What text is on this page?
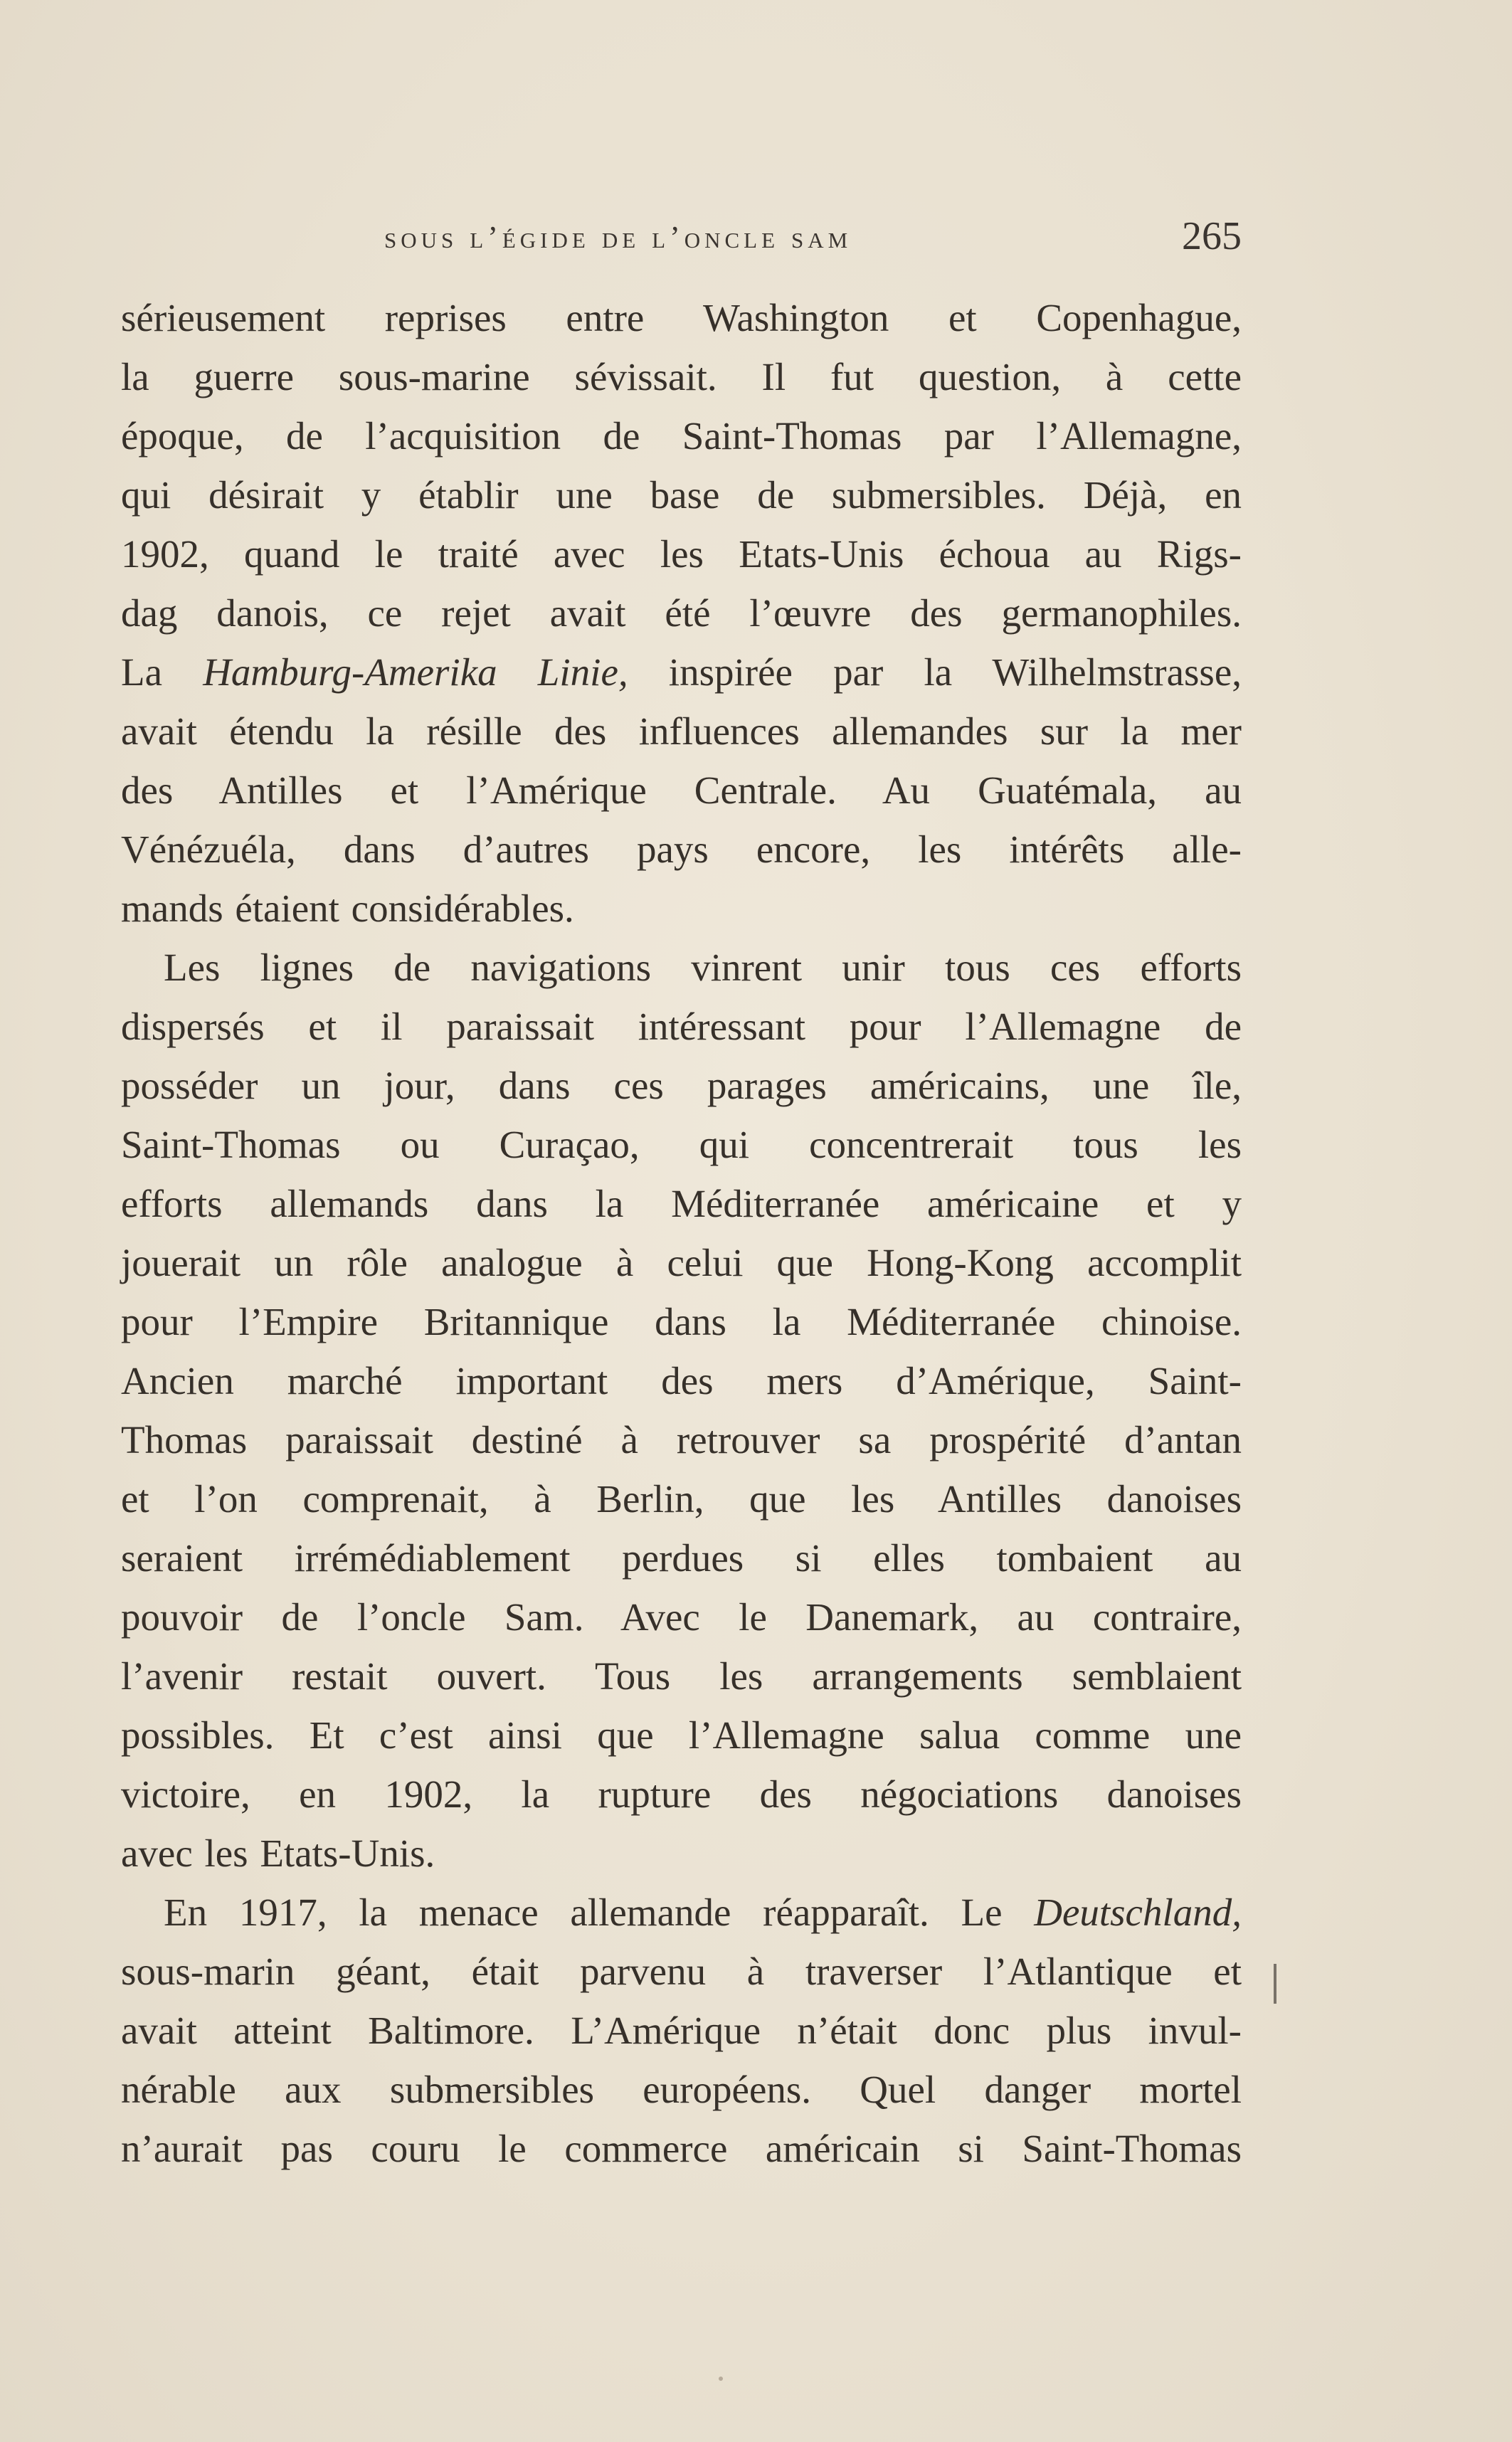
sous l’égide de l’oncle sam	265
sérieusement reprises entre Washington et Copenhague,
la guerre sous-marine sévissait. Il fut question, à cette
époque, de l’acquisition de Saint-Thomas par l’Allemagne,
qui désirait y établir une base de submersibles. Déjà, en
1902, quand le traité avec les Etats-Unis échoua au Rigs-
dag danois, ce rejet avait été l’œuvre des germanophiles.
La Hamburg-Amerika Linie, inspirée par la Wilhelmstrasse,
avait étendu la résille des influences allemandes sur la mer
des Antilles et l’Amérique Centrale. Au Guatémala, au
Vénézuéla, dans d’autres pays encore, les intérêts alle-
mands étaient considérables.
Les lignes de navigations vinrent unir tous ces efforts
dispersés et il paraissait intéressant pour l’Allemagne de
posséder un jour, dans ces parages américains, une île,
Saint-Thomas ou Curaçao, qui concentrerait tous les
efforts allemands dans la Méditerranée américaine et y
jouerait un rôle analogue à celui que Hong-Kong accomplit
pour l’Empire Britannique dans la Méditerranée chinoise.
Ancien marché important des mers d’Amérique, Saint-
Thomas paraissait destiné à retrouver sa prospérité d’antan
et l’on comprenait, à Berlin, que les Antilles danoises
seraient irrémédiablement perdues si elles tombaient au
pouvoir de l’oncle Sam. Avec le Danemark, au contraire,
l’avenir restait ouvert. Tous les arrangements semblaient
possibles. Et c’est ainsi que l’Allemagne salua comme une
victoire, en 1902, la rupture des négociations danoises
avec les Etats-Unis.
En 1917, la menace allemande réapparaît. Le Deutschland,
sous-marin géant, était parvenu à traverser l’Atlantique et
avait atteint Baltimore. L’Amérique n’était donc plus invul-
nérable aux submersibles européens. Quel danger mortel
n’aurait pas couru le commerce américain si Saint-Thomas
